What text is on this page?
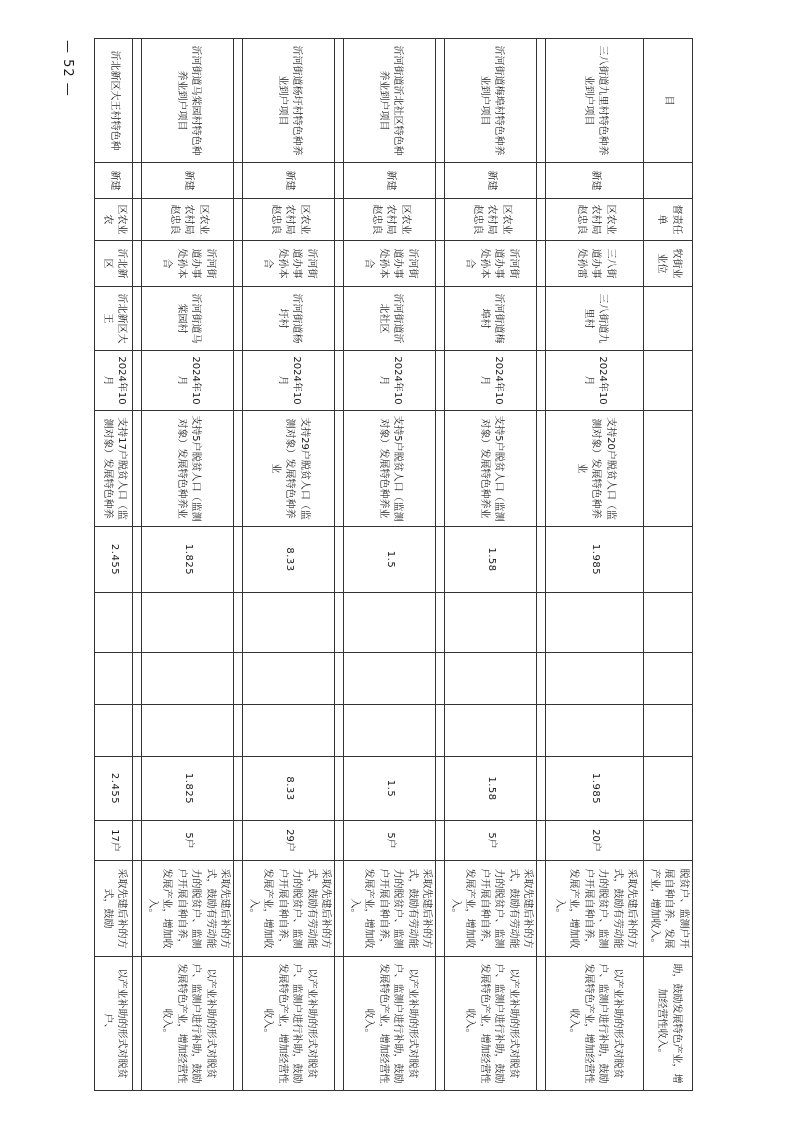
目		督责任单	牧街业业位										脱贫户、监测户开展自种自养，发展产业，增加收入。	助，鼓励发展特色产业，增加经营性收入。
三八街道九里村特色种养业到户项目	新建	区农业农村局赵忠良	三八街道办事处孙雷	三八街道九里村	2024年10月	支持20户脱贫人口（监测对象）发展特色种养业	1.985				1.985	20户	采取先建后补的方式，鼓励有劳动能力的脱贫户、监测户开展自种自养，发展产业，增加收入。	以产业补助的形式对脱贫户、监测户进行补助，鼓励发展特色产业，增加经营性收入。

沂河街道梅埠村特色种养业到户项目	新建	区农业农村局赵忠良	沂河街道办事处孙本合	沂河街道梅埠村	2024年10月	支持5户脱贫人口（监测对象）发展特色种养业	1.58				1.58	5户	采取先建后补的方式，鼓励有劳动能力的脱贫户、监测户开展自种自养，发展产业，增加收入。	以产业补助的形式对脱贫户、监测户进行补助，鼓励发展特色产业，增加经营性收入。

沂河街道沂北社区特色种养业到户项目	新建	区农业农村局赵忠良	沂河街道办事处孙本合	沂河街道沂北社区	2024年10月	支持5户脱贫人口（监测对象）发展特色种养业	1.5				1.5	5户	采取先建后补的方式，鼓励有劳动能力的脱贫户、监测户开展自种自养，发展产业，增加收入。	以产业补助的形式对脱贫户、监测户进行补助，鼓励发展特色产业，增加经营性收入。

沂河街道杨圩村特色种养业到户项目	新建	区农业农村局赵忠良	沂河街道办事处孙本合	沂河街道杨圩村	2024年10月	支持29户脱贫人口（监测对象）发展特色种养业	8.33				8.33	29户	采取先建后补的方式，鼓励有劳动能力的脱贫户、监测户开展自种自养，发展产业，增加收入。	以产业补助的形式对脱贫户、监测户进行补助，鼓励发展特色产业，增加经营性收入。

沂河街道马棠园村特色种养业到户项目	新建	区农业农村局赵忠良	沂河街道办事处孙本合	沂河街道马棠园村	2024年10月	支持5户脱贫人口（监测对象）发展特色种养业	1.825				1.825	5户	采取先建后补的方式，鼓励有劳动能力的脱贫户、监测户开展自种自养，发展产业，增加收入。	以产业补助的形式对脱贫户、监测户进行补助，鼓励发展特色产业，增加经营性收入。

沂北新区大王村特色种	新建	区农业农	沂北新区	沂北新区大王	2024年10月	支持17户脱贫人口（监测对象）发展特色种养	2.455				2.455	17户	采取先建后补的方式，鼓励	以产业补助的形式对脱贫户、
— 52 —
